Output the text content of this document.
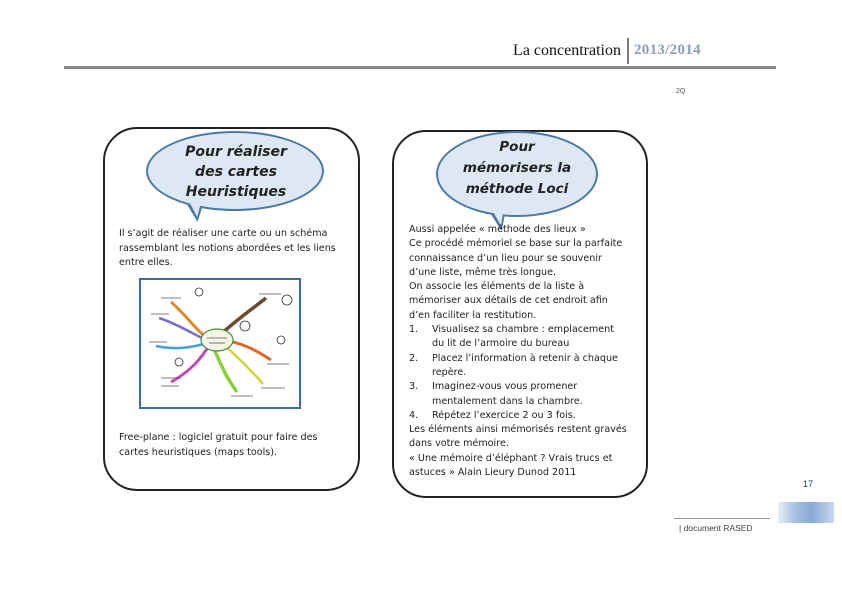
La concentration 2013/2014
2Q
Pour réaliser
des cartes
Heuristiques
Il s’agit de réaliser une carte ou un schéma
rassemblant les notions abordées et les liens
entre elles.
Free-plane : logiciel gratuit pour faire des
cartes heuristiques (maps tools).
Pour
mémorisers la
méthode Loci
Aussi appelée « méthode des lieux »
Ce procédé mémoriel se base sur la parfaite
connaissance d’un lieu pour se souvenir
d’une liste, même très longue.
On associe les éléments de la liste à
mémoriser aux détails de cet endroit afin
d’en faciliter la restitution.
1. Visualisez sa chambre : emplacement
du lit de l’armoire du bureau
2. Placez l’information à retenir à chaque
repère.
3. Imaginez-vous vous promener
mentalement dans la chambre.
4. Répétez l’exercice 2 ou 3 fois.
Les éléments ainsi mémorisés restent gravés
dans votre mémoire.
« Une mémoire d’éléphant ? Vrais trucs et
astuces » Alain Lieury Dunod 2011
17
| document RASED
